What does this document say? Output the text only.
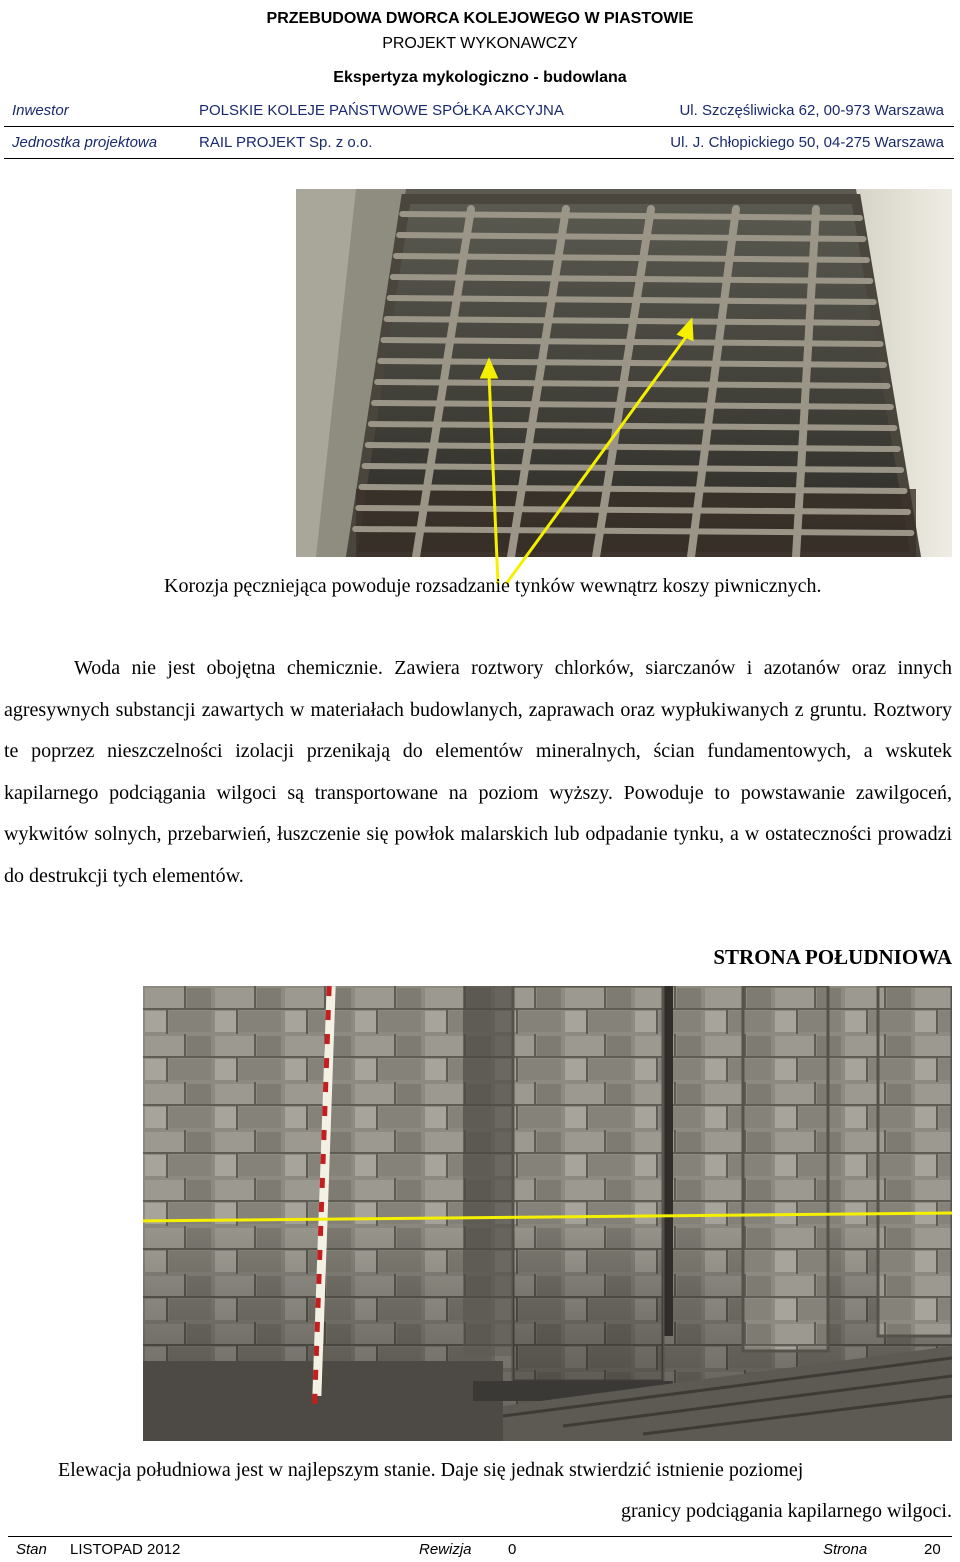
PRZEBUDOWA DWORCA KOLEJOWEGO W PIASTOWIE
PROJEKT WYKONAWCZY
Ekspertyza mykologiczno - budowlana
Inwestor	POLSKIE KOLEJE PAŃSTWOWE SPÓŁKA AKCYJNA	Ul. Szczęśliwicka 62, 00-973 Warszawa
Jednostka projektowa	RAIL PROJEKT Sp. z o.o.	Ul. J. Chłopickiego 50, 04-275 Warszawa
Korozja pęczniejąca powoduje rozsadzanie tynków wewnątrz koszy piwnicznych.

Woda nie jest obojętna chemicznie. Zawiera roztwory chlorków, siarczanów i azotanów oraz innych agresywnych substancji zawartych w materiałach budowlanych, zaprawach oraz wypłukiwanych z gruntu. Roztwory te poprzez nieszczelności izolacji przenikają do elementów mineralnych, ścian fundamentowych, a wskutek kapilarnego podciągania wilgoci są transportowane na poziom wyższy. Powoduje to powstawanie zawilgoceń, wykwitów solnych, przebarwień, łuszczenie się powłok malarskich lub odpadanie tynku, a w ostateczności prowadzi do destrukcji tych elementów.

STRONA POŁUDNIOWA
Elewacja południowa jest w najlepszym stanie. Daje się jednak stwierdzić istnienie poziomej
granicy podciągania kapilarnego wilgoci.
Stan LISTOPAD 2012	Rewizja 0	Strona	20
